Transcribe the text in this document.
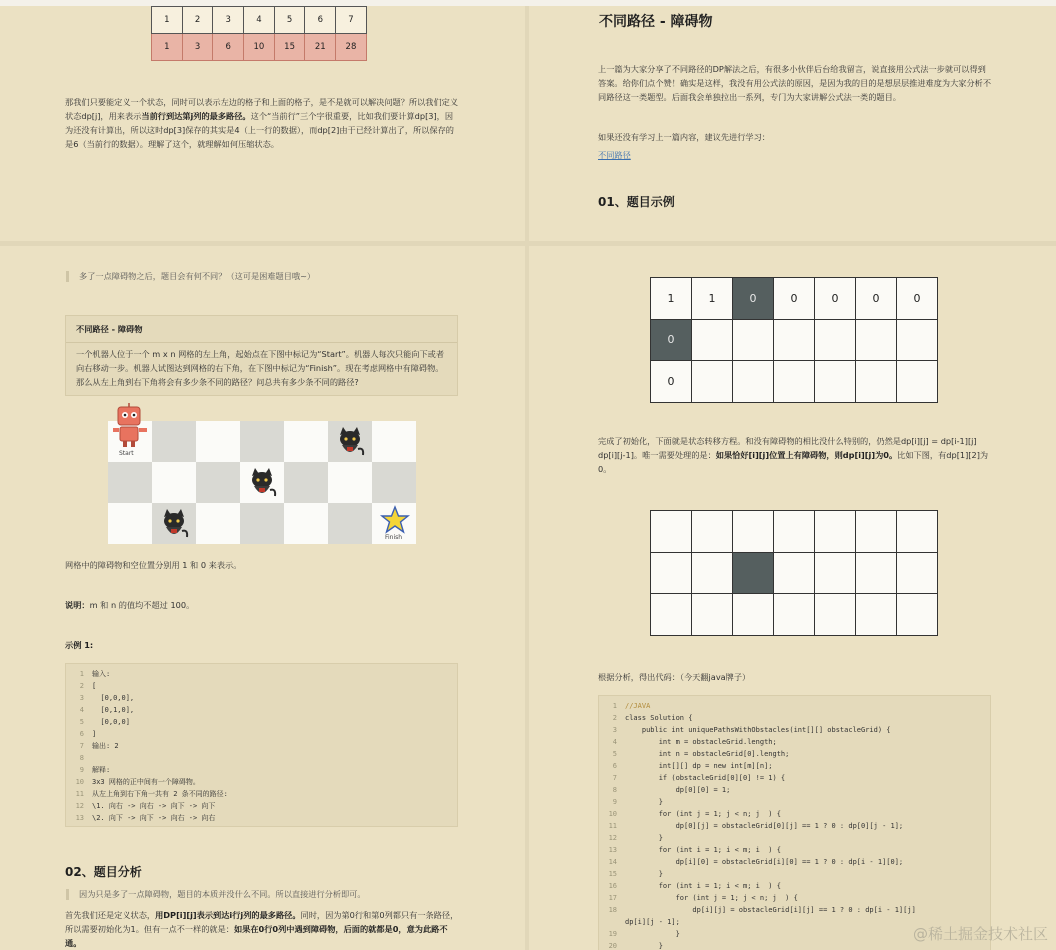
1	2	3	4	5	6	7
1	3	6	10	15	21	28

那我们只要能定义一个状态，同时可以表示左边的格子和上面的格子，是不是就可以解决问题？所以我们定义状态dp[j]，用来表示当前行到达第j列的最多路径。这个“当前行”三个字很重要，比如我们要计算dp[3]，因为还没有计算出，所以这时dp[3]保存的其实是4（上一行的数据），而dp[2]由于已经计算出了，所以保存的是6（当前行的数据）。理解了这个，就理解如何压缩状态。

不同路径 - 障碍物

上一篇为大家分享了不同路径的DP解法之后，有很多小伙伴后台给我留言，说直接用公式法一步就可以得到答案。给你们点个赞！确实是这样，我没有用公式法的原因，是因为我的目的是想层层推进难度为大家分析不同路径这一类题型。后面我会单独拉出一系列，专门为大家讲解公式法一类的题目。

如果还没有学习上一篇内容，建议先进行学习：

不同路径
01、题目示例
多了一点障碍物之后，题目会有何不同？（这可是困难题目哦~）
不同路径 - 障碍物
一个机器人位于一个 m x n 网格的左上角，起始点在下图中标记为“Start”。机器人每次只能向下或者向右移动一步。机器人试图达到网格的右下角，在下图中标记为“Finish”。现在考虑网格中有障碍物。那么从左上角到右下角将会有多少条不同的路径？问总共有多少条不同的路径?
Start
Finish

网格中的障碍物和空位置分别用 1 和 0 来表示。

说明：m 和 n 的值均不超过 100。

示例 1:

1	输入:
2	[
3	[0,0,0],
4	[0,1,0],
5	[0,0,0]
6	]
7	输出: 2
8
9	解释:
10	3x3 网格的正中间有一个障碍物。
11	从左上角到右下角一共有 2 条不同的路径:
12	\1. 向右 -> 向右 -> 向下 -> 向下
13	\2. 向下 -> 向下 -> 向右 -> 向右
02、题目分析
因为只是多了一点障碍物，题目的本质并没什么不同。所以直接进行分析即可。

首先我们还是定义状态，用DP[i][j]表示到达i行j列的最多路径。同时，因为第0行和第0列都只有一条路径，所以需要初始化为1。但有一点不一样的就是：如果在0行0列中遇到障碍物，后面的就都是0，意为此路不通。

1	1	0	0	0	0	0
0						
0						

完成了初始化，下面就是状态转移方程。和没有障碍物的相比没什么特别的，仍然是dp[i][j] = dp[i-1][j] dp[i][j-1]。唯一需要处理的是：如果恰好[i][j]位置上有障碍物，则dp[i][j]为0。比如下图，有dp[1][2]为0。

根据分析，得出代码：（今天翻java牌子）

1	//JAVA
2	class Solution {
3	public int uniquePathsWithObstacles(int[][] obstacleGrid) {
4	int m = obstacleGrid.length;
5	int n = obstacleGrid[0].length;
6	int[][] dp = new int[m][n];
7	if (obstacleGrid[0][0] != 1) {
8	dp[0][0] = 1;
9	}
10	for (int j = 1; j < n; j  ) {
11	dp[0][j] = obstacleGrid[0][j] == 1 ? 0 : dp[0][j - 1];
12	}
13	for (int i = 1; i < m; i  ) {
14	dp[i][0] = obstacleGrid[i][0] == 1 ? 0 : dp[i - 1][0];
15	}
16	for (int i = 1; i < m; i  ) {
17	for (int j = 1; j < n; j  ) {
18	dp[i][j] = obstacleGrid[i][j] == 1 ? 0 : dp[i - 1][j]
dp[i][j - 1];
19	}
20	}
@稀土掘金技术社区
